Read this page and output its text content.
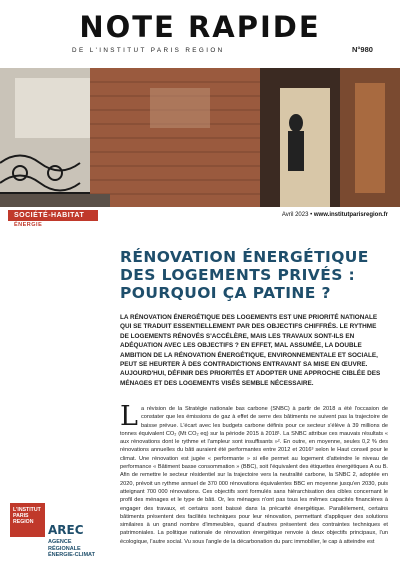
NOTE RAPIDE
DE L'INSTITUT PARIS REGION	N°980
SOCIÉTÉ-HABITAT
ÉNERGIE
Avril 2023 • www.institutparisregion.fr
RÉNOVATION ÉNERGÉTIQUE DES LOGEMENTS PRIVÉS : POURQUOI ÇA PATINE ?
LA RÉNOVATION ÉNERGÉTIQUE DES LOGEMENTS EST UNE PRIORITÉ NATIONALE QUI SE TRADUIT ESSENTIELLEMENT PAR DES OBJECTIFS CHIFFRÉS. LE RYTHME DE LOGEMENTS RÉNOVÉS S'ACCÉLÈRE, MAIS LES TRAVAUX SONT-ILS EN ADÉQUATION AVEC LES OBJECTIFS ? EN EFFET, MAL ASSUMÉE, LA DOUBLE AMBITION DE LA RÉNOVATION ÉNERGÉTIQUE, ENVIRONNEMENTALE ET SOCIALE, PEUT SE HEURTER À DES CONTRADICTIONS ENTRAVANT SA MISE EN ŒUVRE. AUJOURD'HUI, DÉFINIR DES PRIORITÉS ET ADOPTER UNE APPROCHE CIBLÉE DES MÉNAGES ET DES LOGEMENTS VISÉS SEMBLE NÉCESSAIRE.
La révision de la Stratégie nationale bas carbone (SNBC) à partir de 2018 a été l'occasion de constater que les émissions de gaz à effet de serre des bâtiments ne suivent pas la trajectoire de baisse prévue. L'écart avec les budgets carbone définis pour ce secteur s'élève à 39 millions de tonnes équivalent CO₂ (Mt CO₂ eq) sur la période 2015 à 2018¹. La SNBC attribue ces mauvais résultats « aux rénovations dont le rythme et l'ampleur sont insuffisants »². En outre, en moyenne, seules 0,2 % des rénovations annuelles du bâti auraient été performantes entre 2012 et 2016³ selon le Haut conseil pour le climat. Une rénovation est jugée « performante » si elle permet au logement d'atteindre le niveau de performance « Bâtiment basse consommation » (BBC), soit l'équivalent des étiquettes énergétiques A ou B. Afin de remettre le secteur résidentiel sur la trajectoire vers la neutralité carbone, la SNBC 2, adoptée en 2020, prévoit un rythme annuel de 370 000 rénovations équivalentes BBC en moyenne jusqu'en 2030, puis atteignant 700 000 rénovations. Ces objectifs sont formulés sans hiérarchisation des cibles concernant le profil des ménages et le type de bâti. Or, les ménages n'ont pas tous les mêmes capacités financières à engager des travaux, et certains sont baissé dans la précarité énergétique. Parallèlement, certains bâtiments présentent des facilités techniques pour leur rénovation, permettant d'appliquer des solutions similaires à un grand nombre d'immeubles, quand d'autres présentent des contraintes techniques et patrimoniales. La politique nationale de rénovation énergétique renvoie à deux objectifs principaux, l'un écologique, l'autre social. Vu sous l'angle de la décarbonation du parc immobilier, le cap à atteindre est
L'INSTITUT
PARIS
REGION
AREC
AGENCE RÉGIONALE
ÉNERGIE-CLIMAT
